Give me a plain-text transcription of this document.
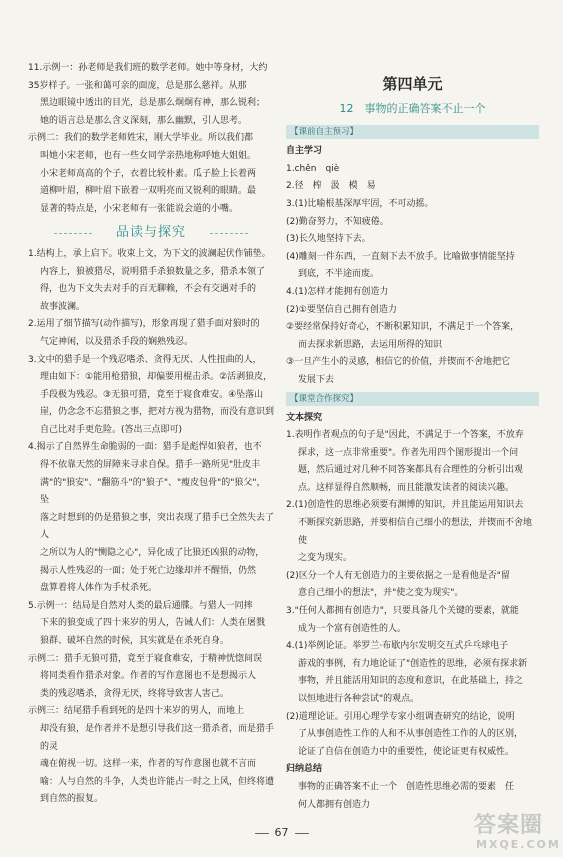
11.示例一：孙老师是我们班的数学老师。她中等身材，大约

35岁样子。一张和蔼可亲的面庞，总是那么慈祥。从那

黑边眼镜中透出的目光，总是那么炯炯有神，那么锐利；

她的语言总是那么含义深刻，那么幽默，引人思考。

示例二：我们的数学老师姓宋，刚大学毕业。所以我们都

叫她小宋老师，也有一些女同学亲热地称呼她大姐姐。

小宋老师高高的个子，衣着比较朴素。瓜子脸上长着两

道柳叶眉，柳叶眉下嵌着一双明亮而又锐利的眼睛。最

显著的特点是，小宋老师有一张能说会道的小嘴。

品读与探究

1.结构上，承上启下。收束上文，为下文的波澜起伏作铺垫。

内容上，狼被猎尽，说明猎手杀狼数量之多，猎杀本领了

得，也为下文失去对手的百无聊赖，不会有交遇对手的

故事波澜。

2.运用了细节描写(动作描写)，形象再现了猎手面对狼时的

气定神闲，以及猎杀手段的娴熟残忍。

3.文中的猎手是一个残忍嗜杀、贪得无厌、人性扭曲的人，

理由如下：①能用枪猎狼，却偏要用棍击杀。②活剥狼皮，

手段极为残忍。③无狼可猎，竟至于寝食难安。④坠落山

崖，仍念念不忘猎狼之事，把对方视为猎物，而没有意识到

自己比对手更危险。(答出三点即可)

4.揭示了自然界生命脆弱的一面：猎手是彪悍如狼者，也不

得不依靠天然的屏障来寻求自保。猎手一路所见"肚皮丰

满"的"狼安"、"翻筋斗"的"狼子"、"瘦皮包骨"的"狼父"，坠

落之时想到的仍是猎狼之事，突出表现了猎手已全然失去了人

之所以为人的"恻隐之心"，异化成了比狼还凶狠的动物，

揭示人性残忍的一面；处于死亡边缘却并不醒悟，仍然

盘算着将人体作为手杖杀死。

5.示例一：结局是自然对人类的最后通牒。与猎人一同摔

下来的狼变成了四十来岁的男人，告诫人们：人类在屠戮

狼群、破坏自然的时候，其实就是在杀死自身。

示例二：猎手无狼可猎，竟至于寝食难安，于精神恍惚间误

将同类看作猎杀对象。作者的写作意图也不是想揭示人

类的残忍嗜杀，贪得无厌，终将导致害人害己。

示例三：结尾猎手看到死的是四十来岁的男人，而地上

却没有狼，是作者并不是想引导我们这一猎杀者，而是猎手的灵

魂在俯视一切。这样一来，作者的写作意图也就不言而

喻：人与自然的斗争，人类也许能占一时之上风，但终将遭

到自然的报复。

第四单元
12　事物的正确答案不止一个
【课前自主预习】
自主学习

1.chěn　qiè

2.径　榨　汲　模　易

3.(1)比喻根基深厚牢固，不可动摇。

(2)勤奋努力，不知疲倦。

(3)长久地坚持下去。

(4)雕刻一件东西，一直刻下去不放手。比喻做事情能坚持

到底，不半途而废。

4.(1)怎样才能拥有创造力

(2)①要坚信自己拥有创造力

②要经常保持好奇心，不断积累知识，不满足于一个答案，

而去探求新思路，去运用所得的知识

③一旦产生小的灵感，相信它的价值，并锲而不舍地把它

发展下去

【课堂合作探究】
文本探究

1.表明作者观点的句子是"因此，不满足于一个答案，不放弃

探求，这一点非常重要"。作者先用四个图形提出一个问

题，然后通过对几种不同答案都具有合理性的分析引出观

点。这样显得自然顺畅，而且能激发读者的阅读兴趣。

2.(1)创造性的思维必须要有渊博的知识，并且能运用知识去

不断探究新思路，并要相信自己细小的想法，并锲而不舍地使

之变为现实。

(2)区分一个人有无创造力的主要依据之一是看他是否"留

意自己细小的想法"，并"使之变为现实"。

3."任何人都拥有创造力"，只要具备几个关键的要素，就能

成为一个富有创造性的人。

4.(1)举例论证。举罗兰·布歇内尔发明交互式乒乓球电子

游戏的事例，有力地论证了"创造性的思维，必须有探求新

事物，并且能活用知识的态度和意识，在此基础上，持之

以恒地进行各种尝试"的观点。

(2)道理论证。引用心理学专家小组调查研究的结论，说明

了从事创造性工作的人和不从事创造性工作的人的区别，

论证了自信在创造力中的重要性，使论证更有权威性。

归纳总结

事物的正确答案不止一个　创造性思维必需的要素　任

何人都拥有创造力

67	答案圈
MXQE.COM
